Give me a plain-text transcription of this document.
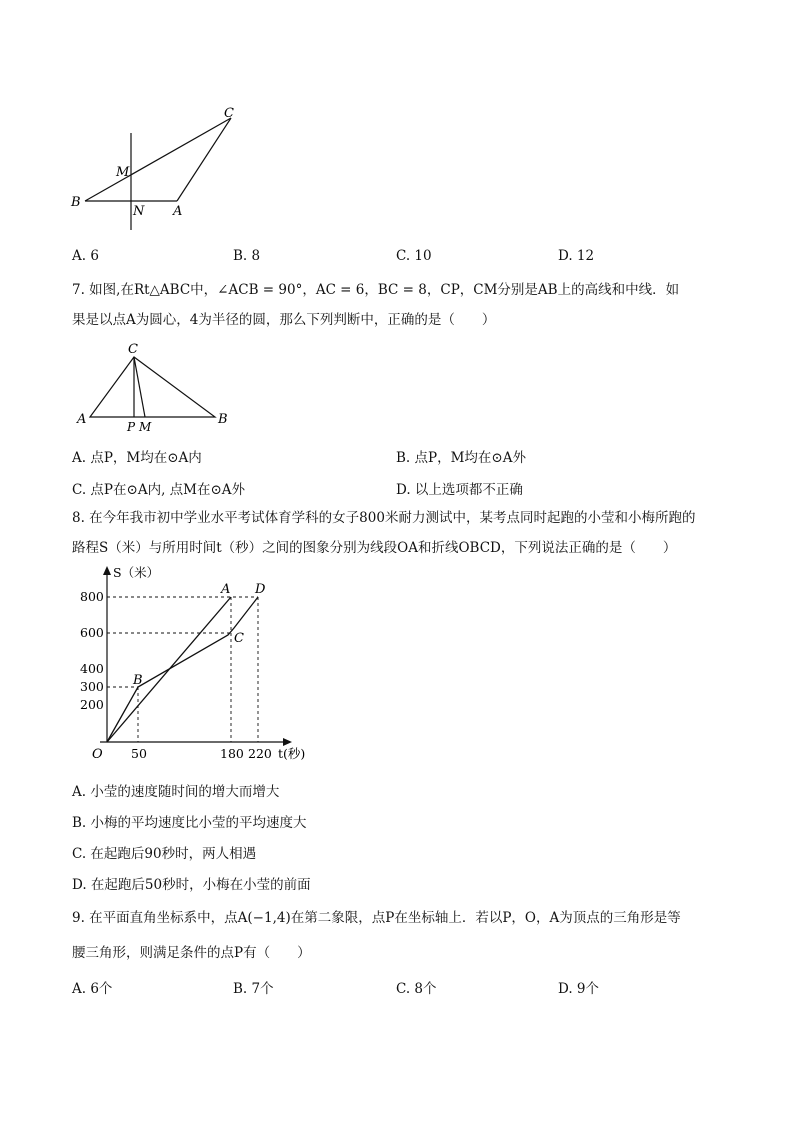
C
M
B
N A
A. 6	B. 8	C. 10	D. 12
7. 如图,在Rt△ABC中，∠ACB = 90°，AC = 6，BC = 8，CP，CM分别是AB上的高线和中线．如
果是以点A为圆心，4为半径的圆，那么下列判断中，正确的是（　　）
C
A	B
P M
A. 点P，M均在⊙A内	B. 点P，M均在⊙A外
C. 点P在⊙A内, 点M在⊙A外	D. 以上选项都不正确
8. 在今年我市初中学业水平考试体育学科的女子800米耐力测试中，某考点同时起跑的小莹和小梅所跑的
路程S（米）与所用时间t（秒）之间的图象分别为线段OA和折线OBCD，下列说法正确的是（　　）
S（米）
t(秒)
O
800
600
400
300
200
50	180 220
A D
C
B
A. 小莹的速度随时间的增大而增大
B. 小梅的平均速度比小莹的平均速度大
C. 在起跑后90秒时，两人相遇
D. 在起跑后50秒时，小梅在小莹的前面
9. 在平面直角坐标系中，点A(−1,4)在第二象限，点P在坐标轴上．若以P，O，A为顶点的三角形是等
腰三角形，则满足条件的点P有（　　）
A. 6个	B. 7个	C. 8个	D. 9个
